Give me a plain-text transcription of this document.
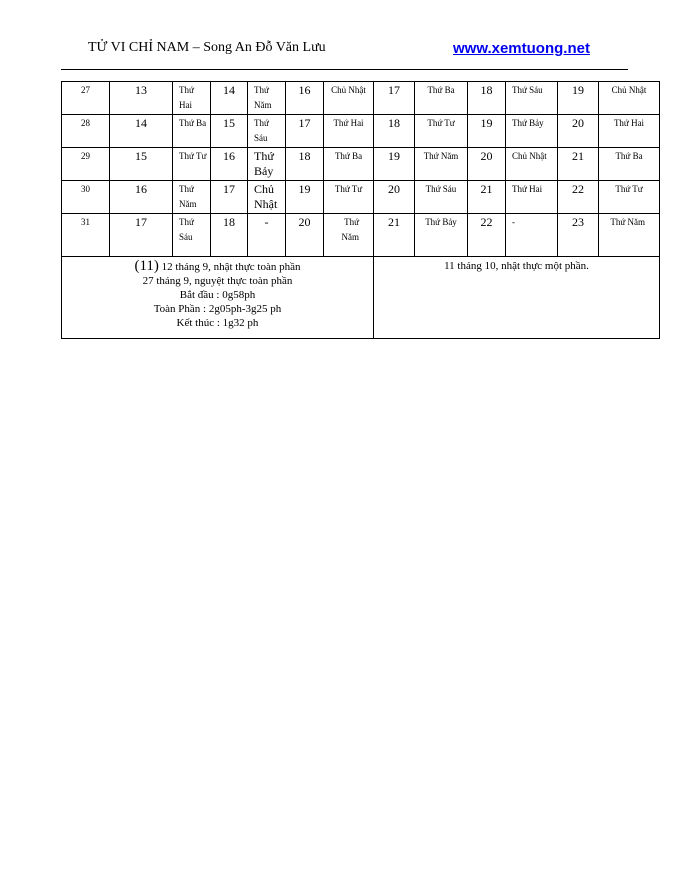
TỬ VI CHỈ NAM – Song An Đỗ Văn Lưu	www.xemtuong.net
27	13	Thứ Hai	14	Thứ Năm	16	Chủ Nhật	17	Thứ Ba	18	Thứ Sáu	19	Chủ Nhật
28	14	Thứ Ba	15	Thứ Sáu	17	Thứ Hai	18	Thứ Tư	19	Thứ Bảy	20	Thứ Hai
29	15	Thứ Tư	16	Thứ Bảy	18	Thứ Ba	19	Thứ Năm	20	Chủ Nhật	21	Thứ Ba
30	16	Thứ Năm	17	Chủ Nhật	19	Thứ Tư	20	Thứ Sáu	21	Thứ Hai	22	Thứ Tư
31	17	Thứ Sáu	18	-	20	Thứ Năm	21	Thứ Bảy	22	-	23	Thứ Năm

(11) 12 tháng 9, nhật thực toàn phần
27 tháng 9, nguyệt thực toàn phần
Bắt đầu : 0g58ph
Toàn Phần : 2g05ph-3g25 ph
Kết thúc : 1g32 ph							11 tháng 10, nhật thực một phần.					
